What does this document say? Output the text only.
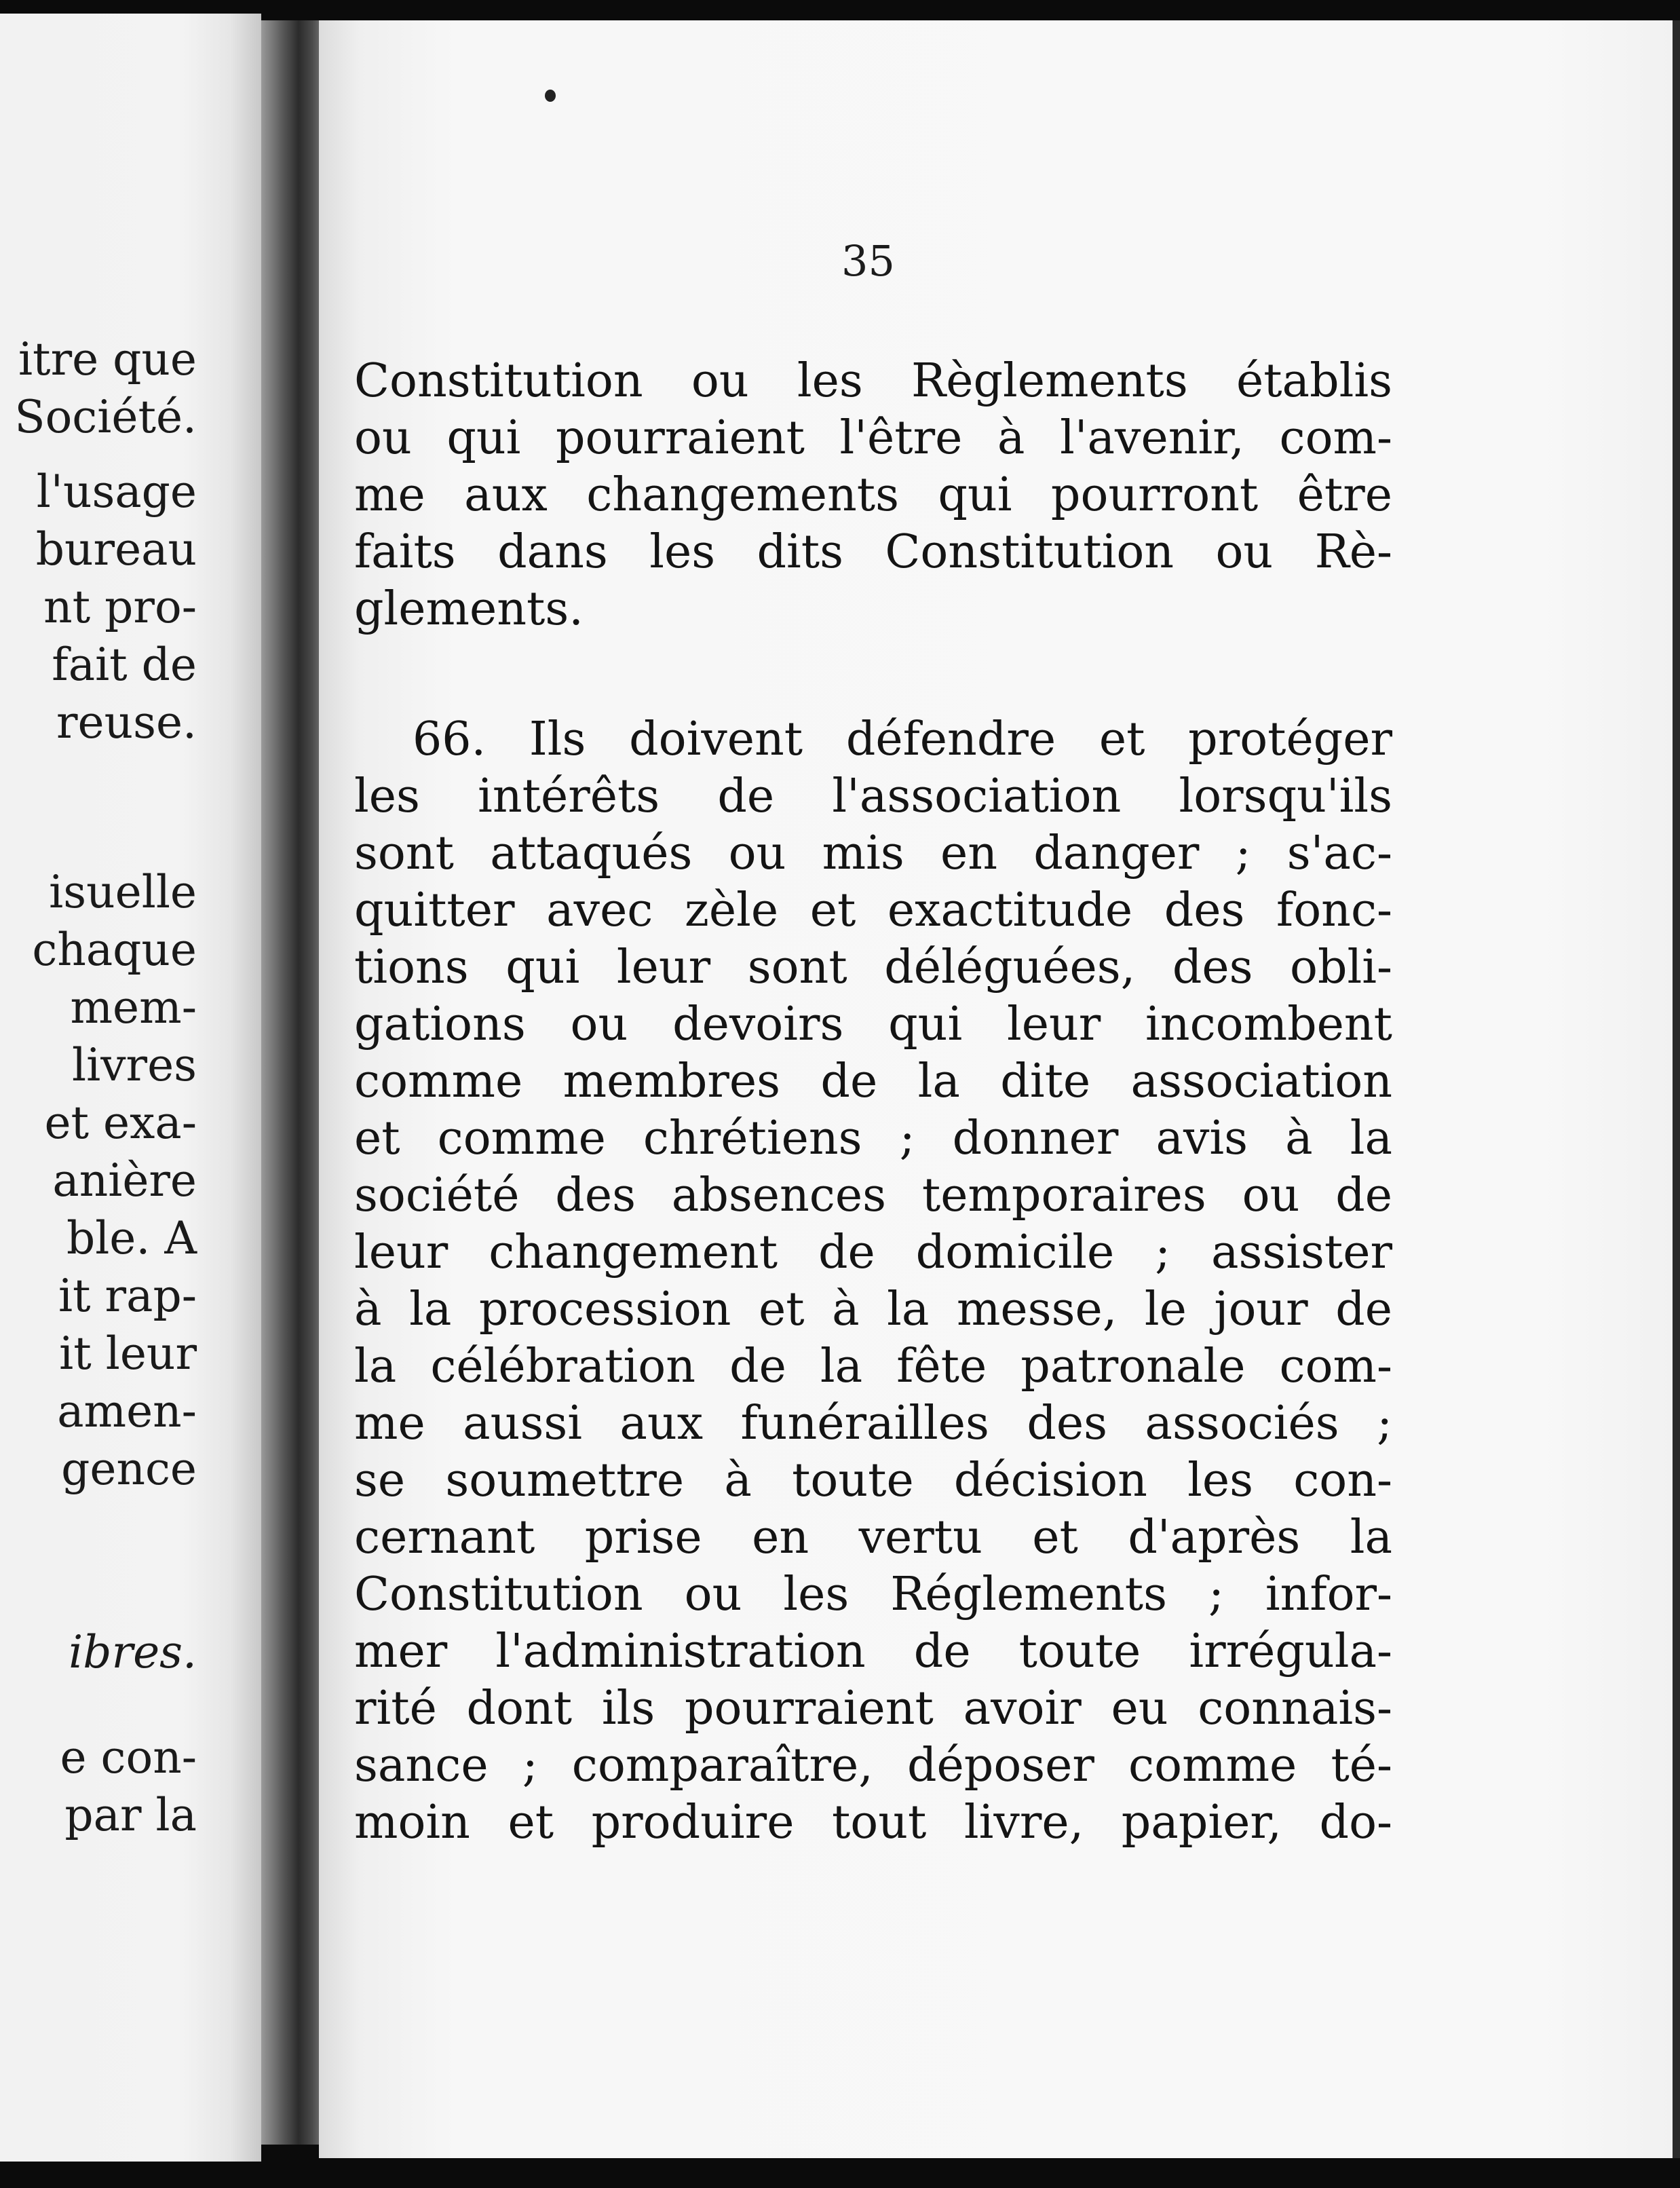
itre que
Société.
l'usage
bureau
nt pro-
fait de
reuse.
isuelle
chaque
mem-
livres
et exa-
anière
ble. A
it rap-
it leur
amen-
gence
ibres.
e con-
par la
35
Constitution ou les Règlements établis
ou qui pourraient l'être à l'avenir, com-
me aux changements qui pourront être
faits dans les dits Constitution ou Rè-
glements.
66. Ils doivent défendre et protéger
les intérêts de l'association lorsqu'ils
sont attaqués ou mis en danger ; s'ac-
quitter avec zèle et exactitude des fonc-
tions qui leur sont déléguées, des obli-
gations ou devoirs qui leur incombent
comme membres de la dite association
et comme chrétiens ; donner avis à la
société des absences temporaires ou de
leur changement de domicile ; assister
à la procession et à la messe, le jour de
la célébration de la fête patronale com-
me aussi aux funérailles des associés ;
se soumettre à toute décision les con-
cernant prise en vertu et d'après la
Constitution ou les Réglements ; infor-
mer l'administration de toute irrégula-
rité dont ils pourraient avoir eu connais-
sance ; comparaître, déposer comme té-
moin et produire tout livre, papier, do-
